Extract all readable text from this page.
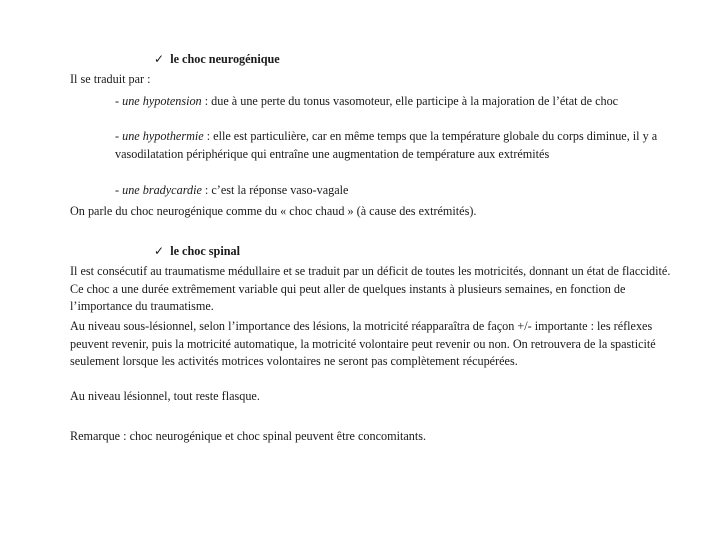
✓ le choc neurogénique
Il se traduit par :
- une hypotension : due à une perte du tonus vasomoteur, elle participe à la majoration de l’état de choc
- une hypothermie : elle est particulière, car en même temps que la température globale du corps diminue, il y a vasodilatation périphérique qui entraîne une augmentation de température aux extrémités
- une bradycardie : c’est la réponse vaso-vagale
On parle du choc neurogénique comme du « choc chaud » (à cause des extrémités).
✓ le choc spinal
Il est consécutif au traumatisme médullaire et se traduit par un déficit de toutes les motricités, donnant un état de flaccidité. Ce choc a une durée extrêmement variable qui peut aller de quelques instants à plusieurs semaines, en fonction de l’importance du traumatisme.
Au niveau sous-lésionnel, selon l’importance des lésions, la motricité réapparaîtra de façon +/- importante : les réflexes peuvent revenir, puis la motricité automatique, la motricité volontaire peut revenir ou non. On retrouvera de la spasticité seulement lorsque les activités motrices volontaires ne seront pas complètement récupérées.
Au niveau lésionnel, tout reste flasque.
Remarque : choc neurogénique et choc spinal peuvent être concomitants.
